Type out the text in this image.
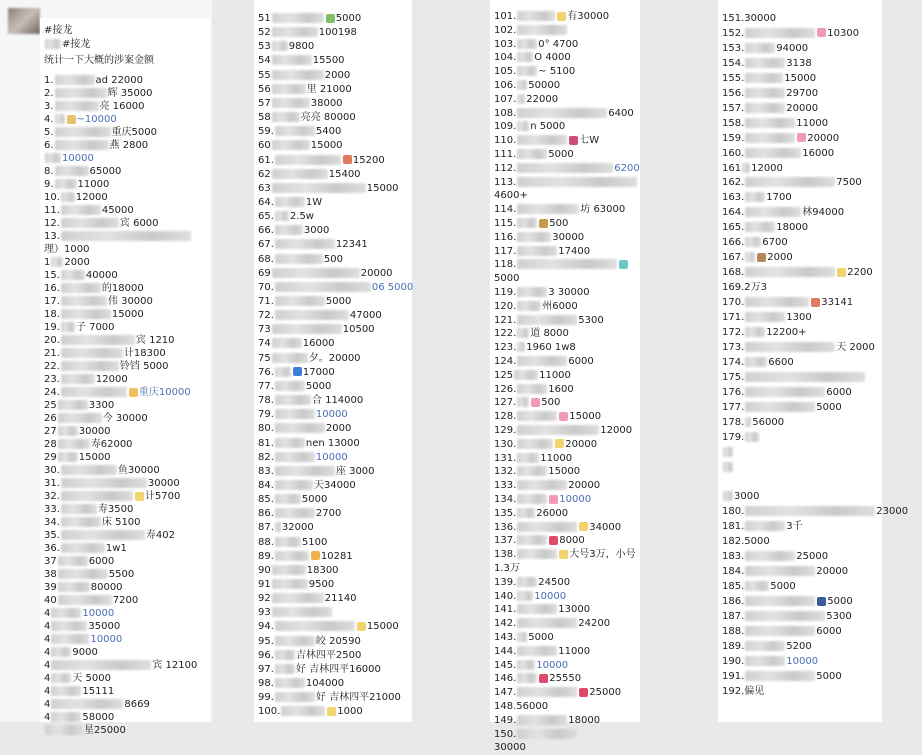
#接龙
#接龙
统计一下大概的涉案金额
1.	ad 22000
2.	辉 35000
3.	亮 16000
4. ~10000
5.	重庆5000
6.	燕 2800
10000
8.	65000
9. 11000
10. 12000
11.	45000
12.	宾 6000
13.
理）1000
1 2000
15.	40000
16.	的18000
17.	伟 30000
18.	15000
19. 子 7000
20.	宾 1210
21.	计18300
22.	铃铛 5000
23.	12000
24.	重庆10000
25	3300
26	今 30000
27 30000
28	寿62000
29 15000
30.	鱼30000
31.	30000
32.	计5700
33.	寿3500
34.	床 5100
35.	寿402
36.	1w1
37	6000
38	5500
39	80000
40	7200
4	10000
4	35000
4	10000
4 9000
4	宾 12100
4 天 5000
4	15111
4	8669
4	58000
星25000
51	5000
52	100198
53 9800
54	15500
55	2000
56	里 21000
57	38000
58	亮亮 80000
59.	5400
60	15000
61.	15200
62	15400
63	15000
64.	1W
65. 2.5w
66.	3000
67.	12341
68.	500
69	20000
70.	06 5000
71.	5000
72.	47000
73	10500
74	16000
75	夕。20000
76.	17000
77.	5000
78.	合 114000
79.	10000
80.	2000
81.	nen 13000
82.	10000
83.	座 3000
84.	天34000
85.	5000
86.	2700
87. 32000
88.	5100
89.	10281
90	18300
91	9500
92	21140
93
94.	15000
95.	皎 20590
96. 吉林四平2500
97. 好 吉林四平16000
98.	104000
99.	好 吉林四平21000
100.	1000
101.	有30000
102.
103. 0° 4700
104. O 4000
105. ~ 5100
106. 50000
107. 22000
108.	6400
109. n 5000
110.	七W
111.	5000
112.	6200
113.
4600+
114.	坊 63000
115.	500
116.	30000
117.	17400
118.
5000
119.	3 30000
120.	州6000
121.	5300
122. 道 8000
123. 1960 1w8
124.	6000
125	11000
126.	1600
127.	500
128.	15000
129.	12000
130.	20000
131. 11000
132.	15000
133.	20000
134.	10000
135. 26000
136.	34000
137.	8000
138.	大号3万，小号
1.3万
139. 24500
140. 10000
141.	13000
142.	24200
143. 5000
144.	11000
145. 10000
146.	25550
147.	25000
148.56000
149.	18000
150.
30000
151.30000
152.	10300
153.	94000
154.	3138
155.	15000
156.	29700
157.	20000
158.	11000
159.	20000
160.	16000
161 12000
162.	7500
163. 1700
164.	林94000
165.	18000
166. 6700
167. 2000
168.	2200
169.2万3
170.	33141
171.	1300
172. 12200+
173.	天 2000
174. 6600
175.
176.	6000
177.	5000
178. 56000
179.
3000
180.	23000
181.	3千
182.5000
183.	25000
184.	20000
185.	5000
186.	5000
187.	5300
188.	6000
189.	5200
190.	10000
191.	5000
192.偏见
